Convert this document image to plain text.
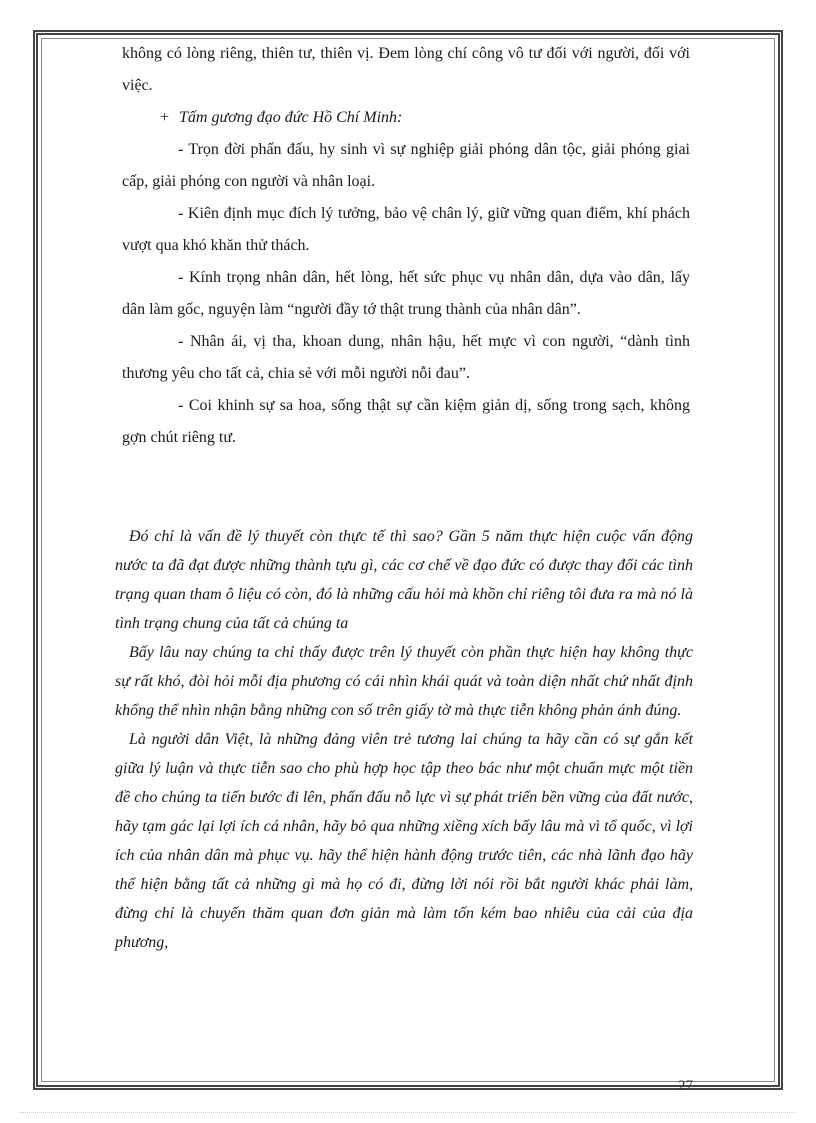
không có lòng riêng, thiên tư, thiên vị. Đem lòng chí công vô tư đối với người, đối với việc.

+ Tấm gương đạo đức Hồ Chí Minh:

- Trọn đời phấn đấu, hy sinh vì sự nghiệp giải phóng dân tộc, giải phóng giai cấp, giải phóng con người và nhân loại.

- Kiên định mục đích lý tưởng, bảo vệ chân lý, giữ vững quan điểm, khí phách vượt qua khó khăn thử thách.

- Kính trọng nhân dân, hết lòng, hết sức phục vụ nhân dân, dựa vào dân, lấy dân làm gốc, nguyện làm “người đầy tớ thật trung thành của nhân dân”.

- Nhân ái, vị tha, khoan dung, nhân hậu, hết mực vì con người, “dành tình thương yêu cho tất cả, chia sẻ với mỗi người nỗi đau”.

- Coi khinh sự sa hoa, sống thật sự cần kiệm giản dị, sống trong sạch, không gợn chút riêng tư.

Đó chỉ là vấn đề lý thuyết còn thực tế thì sao? Gần 5 năm thực hiện cuộc vấn động nước ta đã đạt được những thành tựu gì, các cơ chế về đạo đức có được thay đổi các tình trạng quan tham ô liệu có còn, đó là những cấu hỏi mà khồn chỉ riêng tôi đưa ra mà nó là tình trạng chung của tất cả chúng ta

Bấy lâu nay chúng ta chỉ thấy được trên lý thuyết còn phần thực hiện hay không thực sự rất khó, đòi hỏi mỗi địa phương có cái nhìn khái quát và toàn diện nhất chứ nhất định khổng thể nhìn nhận bằng những con số trên giấy tờ mà thực tiễn không phản ánh đúng.

Là người dân Việt, là những đảng viên trẻ tương lai chúng ta hãy cần có sự gắn kết giữa lý luận và thực tiễn sao cho phù hợp học tập theo bác như một chuẩn mực một tiền đề cho chúng ta tiến bước đi lên, phấn đấu nỗ lực vì sự phát triển bền vững của đất nước, hãy tạm gác lại lợi ích cá nhân, hãy bỏ qua những xiềng xích bấy lâu mà vì tổ quốc, vì lợi ích của nhân dân mà phục vụ. hãy thể hiện hành động trước tiên, các nhà lãnh đạo hãy thể hiện bằng tất cả những gì mà họ có đi, đừng lời nói rồi bắt người khác phải làm, đừng chỉ là chuyến thăm quan đơn giản mà làm tốn kém bao nhiêu của cải của địa phương,

27
